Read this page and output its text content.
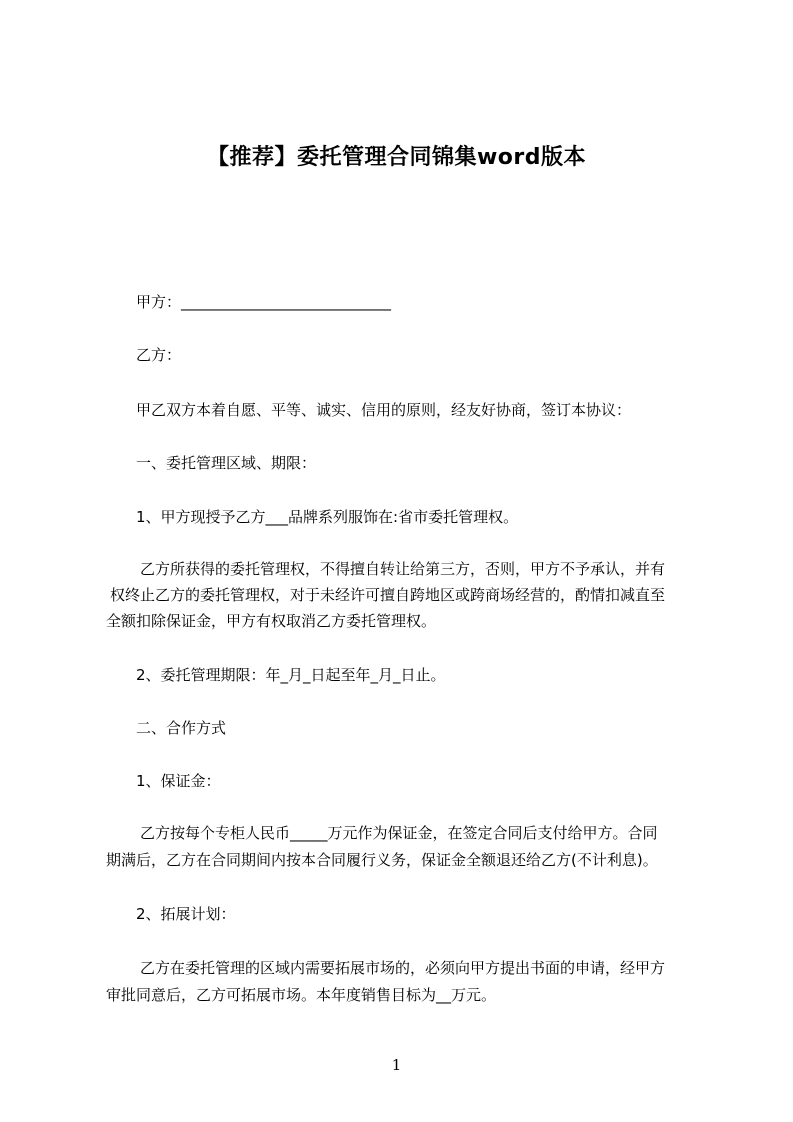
【推荐】委托管理合同锦集word版本
甲方：____________________________
乙方：
甲乙双方本着自愿、平等、诚实、信用的原则，经友好协商，签订本协议：
一、委托管理区域、期限：
1、甲方现授予乙方___品牌系列服饰在:省市委托管理权。
乙方所获得的委托管理权，不得擅自转让给第三方，否则，甲方不予承认，并有
权终止乙方的委托管理权，对于未经许可擅自跨地区或跨商场经营的，酌情扣减直至
全额扣除保证金，甲方有权取消乙方委托管理权。
2、委托管理期限：年_月_日起至年_月_日止。
二、合作方式
1、保证金：
乙方按每个专柜人民币_____万元作为保证金，在签定合同后支付给甲方。合同
期满后，乙方在合同期间内按本合同履行义务，保证金全额退还给乙方(不计利息)。
2、拓展计划：
乙方在委托管理的区域内需要拓展市场的，必须向甲方提出书面的申请，经甲方
审批同意后，乙方可拓展市场。本年度销售目标为__万元。
1
